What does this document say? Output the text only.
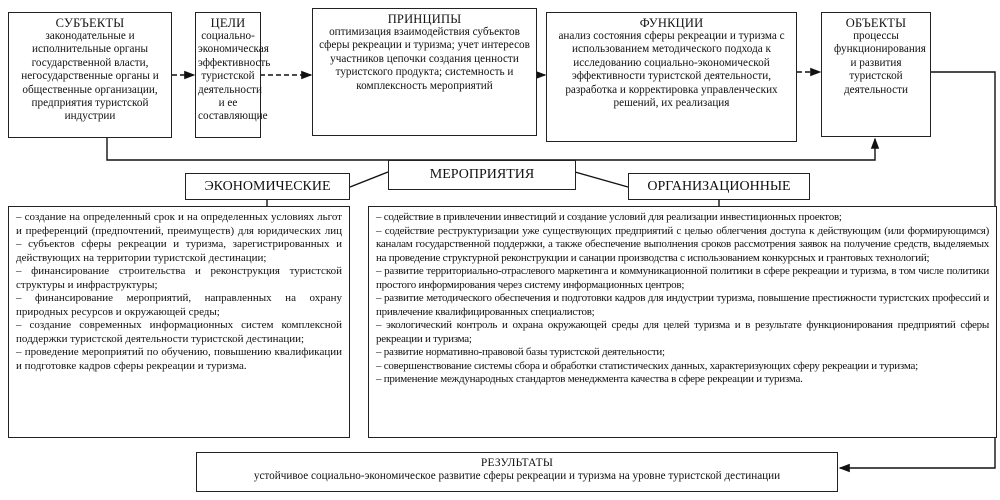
СУБЪЕКТЫ
законодательные и исполнительные органы государственной власти, негосударственные органы и общественные организации, предприятия туристской индустрии
ЦЕЛИ
социально-экономическая эффективность туристской деятельности и ее составляющие
ПРИНЦИПЫ
оптимизация взаимодействия субъектов сферы рекреации и туризма; учет интересов участников цепочки создания ценности туристского продукта; системность и комплексность мероприятий
ФУНКЦИИ
анализ состояния сферы рекреации и туризма с использованием методического подхода к исследованию социально-экономической эффективности туристской деятельности, разработка и корректировка управленческих решений, их реализация
ОБЪЕКТЫ
процессы функционирования и развития туристской деятельности
МЕРОПРИЯТИЯ
ЭКОНОМИЧЕСКИЕ	ОРГАНИЗАЦИОННЫЕ

– создание на определенный срок и на определенных условиях льгот и преференций (предпочтений, преимуществ) для юридических лиц – субъектов сферы рекреации и туризма, зарегистрированных и действующих на территории туристской дестинации;

– финансирование строительства и реконструкция туристской структуры и инфраструктуры;

– финансирование мероприятий, направленных на охрану природных ресурсов и окружающей среды;

– создание современных информационных систем комплексной поддержки туристской деятельности туристской дестинации;

– проведение мероприятий по обучению, повышению квалификации и подготовке кадров сферы рекреации и туризма.

– содействие в привлечении инвестиций и создание условий для реализации инвестиционных проектов;

– содействие реструктуризации уже существующих предприятий с целью облегчения доступа к действующим (или формирующимся) каналам государственной поддержки, а также обеспечение выполнения сроков рассмотрения заявок на получение средств, выделяемых на проведение структурной реконструкции и санации производства с использованием конкурсных и грантовых технологий;

– развитие территориально-отраслевого маркетинга и коммуникационной политики в сфере рекреации и туризма, в том числе политики простого информирования через систему информационных центров;

– развитие методического обеспечения и подготовки кадров для индустрии туризма, повышение престижности туристских профессий и привлечение квалифицированных специалистов;

– экологический контроль и охрана окружающей среды для целей туризма и в результате функционирования предприятий сферы рекреации и туризма;

– развитие нормативно-правовой базы туристской деятельности;

– совершенствование системы сбора и обработки статистических данных, характеризующих сферу рекреации и туризма;

– применение международных стандартов менеджмента качества в сфере рекреации и туризма.

РЕЗУЛЬТАТЫ
устойчивое социально-экономическое развитие сферы рекреации и туризма на уровне туристской дестинации
